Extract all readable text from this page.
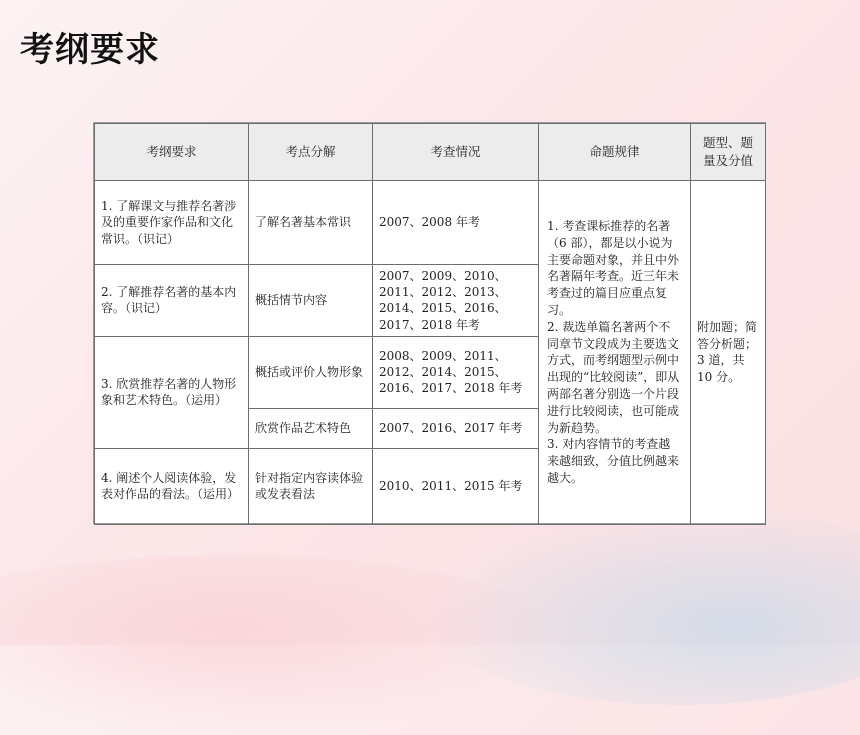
考纲要求
考纲要求	考点分解	考查情况	命题规律	题型、题量及分值
1. 了解课文与推荐名著涉及的重要作家作品和文化常识。（识记）	了解名著基本常识	2007、2008 年考	1. 考查课标推荐的名著（6 部），都是以小说为主要命题对象，并且中外名著隔年考查。近三年未考查过的篇目应重点复习。
2. 裁选单篇名著两个不同章节文段成为主要选文方式，而考纲题型示例中出现的“比较阅读”，即从两部名著分别选一个片段进行比较阅读，也可能成为新趋势。
3. 对内容情节的考查越来越细致，分值比例越来越大。	附加题；简答分析题；3 道，共 10 分。
2. 了解推荐名著的基本内容。（识记）	概括情节内容	2007、2009、2010、2011、2012、2013、2014、2015、2016、2017、2018 年考		
3. 欣赏推荐名著的人物形象和艺术特色。（运用）	概括或评价人物形象	2008、2009、2011、2012、2014、2015、2016、2017、2018 年考		
	欣赏作品艺术特色	2007、2016、2017 年考		
4. 阐述个人阅读体验，发表对作品的看法。（运用）	针对指定内容读体验或发表看法	2010、2011、2015 年考		
